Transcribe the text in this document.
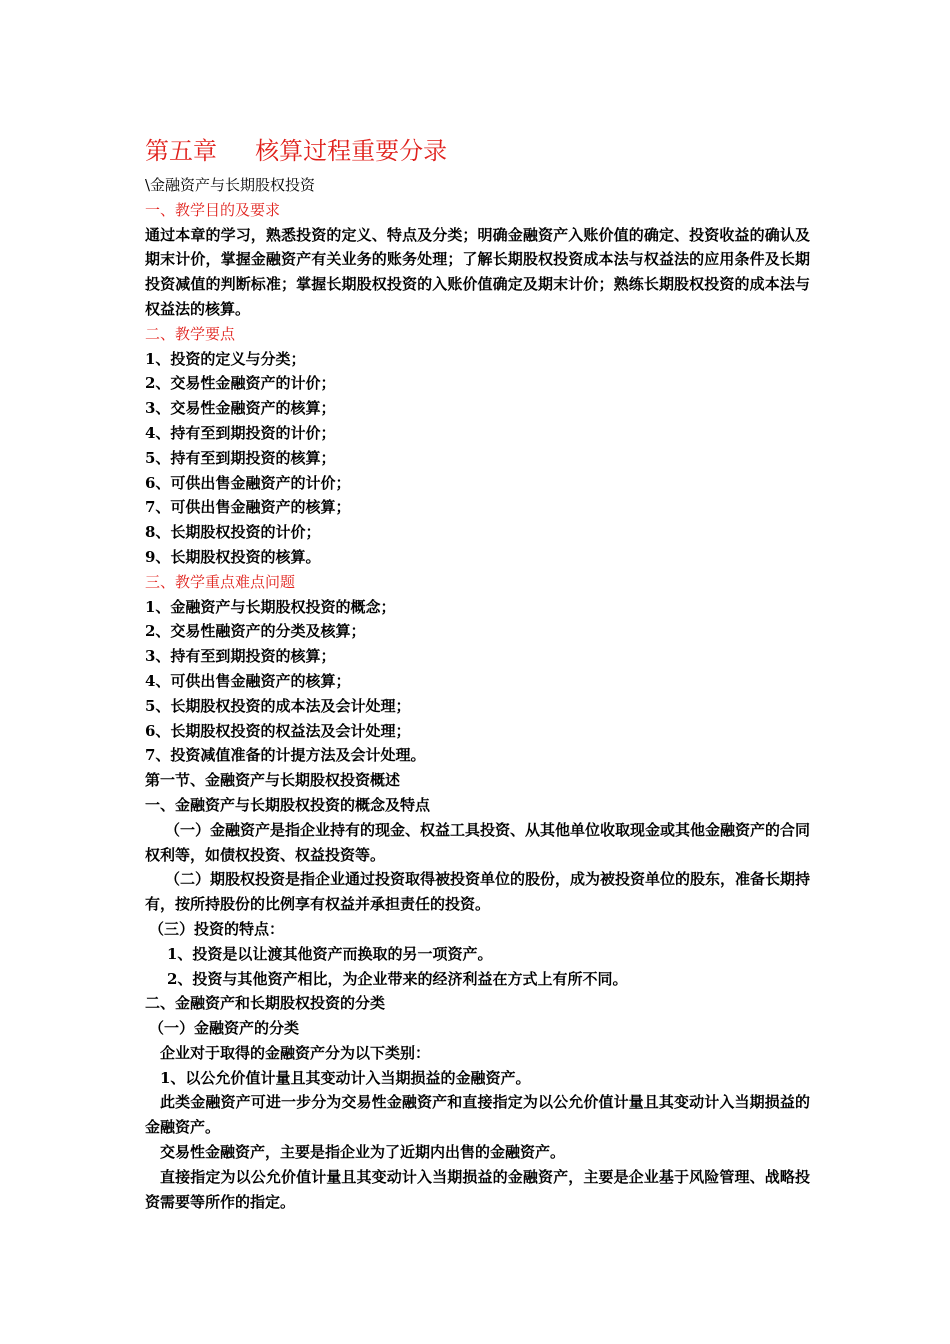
第五章     核算过程重要分录

\金融资产与长期股权投资

一、教学目的及要求

通过本章的学习，熟悉投资的定义、特点及分类；明确金融资产入账价值的确定、投资收益的确认及期末计价，掌握金融资产有关业务的账务处理；了解长期股权投资成本法与权益法的应用条件及长期投资减值的判断标准；掌握长期股权投资的入账价值确定及期末计价；熟练长期股权投资的成本法与权益法的核算。

二、教学要点

1、投资的定义与分类；

2、交易性金融资产的计价；

3、交易性金融资产的核算；

4、持有至到期投资的计价；

5、持有至到期投资的核算；

6、可供出售金融资产的计价；

7、可供出售金融资产的核算；

8、长期股权投资的计价；

9、长期股权投资的核算。

三、教学重点难点问题

1、金融资产与长期股权投资的概念；

2、交易性融资产的分类及核算；

3、持有至到期投资的核算；

4、可供出售金融资产的核算；

5、长期股权投资的成本法及会计处理；

6、长期股权投资的权益法及会计处理；

7、投资减值准备的计提方法及会计处理。

第一节、金融资产与长期股权投资概述

一、金融资产与长期股权投资的概念及特点

（一）金融资产是指企业持有的现金、权益工具投资、从其他单位收取现金或其他金融资产的合同权利等，如债权投资、权益投资等。

（二）期股权投资是指企业通过投资取得被投资单位的股份，成为被投资单位的股东，准备长期持有，按所持股份的比例享有权益并承担责任的投资。

（三）投资的特点：

1、投资是以让渡其他资产而换取的另一项资产。

2、投资与其他资产相比，为企业带来的经济利益在方式上有所不同。

二、金融资产和长期股权投资的分类

（一）金融资产的分类

企业对于取得的金融资产分为以下类别：

1、以公允价值计量且其变动计入当期损益的金融资产。

此类金融资产可进一步分为交易性金融资产和直接指定为以公允价值计量且其变动计入当期损益的金融资产。

交易性金融资产，主要是指企业为了近期内出售的金融资产。

直接指定为以公允价值计量且其变动计入当期损益的金融资产，主要是企业基于风险管理、战略投资需要等所作的指定。
